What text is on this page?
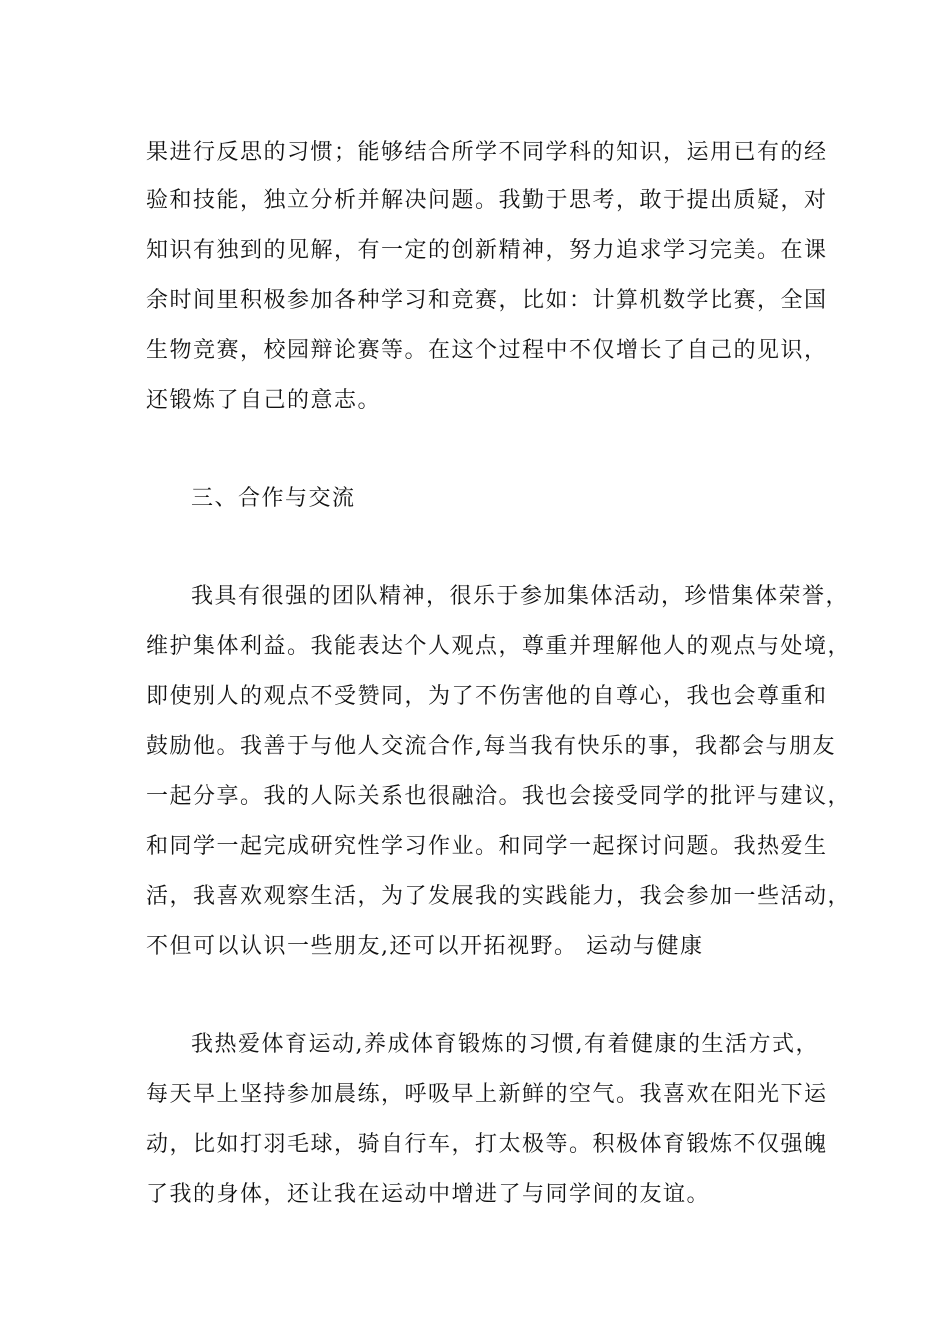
果进行反思的习惯；能够结合所学不同学科的知识，运用已有的经
验和技能，独立分析并解决问题。我勤于思考，敢于提出质疑，对
知识有独到的见解，有一定的创新精神，努力追求学习完美。在课
余时间里积极参加各种学习和竞赛，比如：计算机数学比赛，全国
生物竞赛，校园辩论赛等。在这个过程中不仅增长了自己的见识，
还锻炼了自己的意志。
三、合作与交流
我具有很强的团队精神，很乐于参加集体活动，珍惜集体荣誉，
维护集体利益。我能表达个人观点，尊重并理解他人的观点与处境，
即使别人的观点不受赞同，为了不伤害他的自尊心，我也会尊重和
鼓励他。我善于与他人交流合作,每当我有快乐的事，我都会与朋友
一起分享。我的人际关系也很融洽。我也会接受同学的批评与建议，
和同学一起完成研究性学习作业。和同学一起探讨问题。我热爱生
活，我喜欢观察生活，为了发展我的实践能力，我会参加一些活动，
不但可以认识一些朋友,还可以开拓视野。 运动与健康
我热爱体育运动,养成体育锻炼的习惯,有着健康的生活方式，
每天早上坚持参加晨练，呼吸早上新鲜的空气。我喜欢在阳光下运
动，比如打羽毛球，骑自行车，打太极等。积极体育锻炼不仅强魄
了我的身体，还让我在运动中增进了与同学间的友谊。
